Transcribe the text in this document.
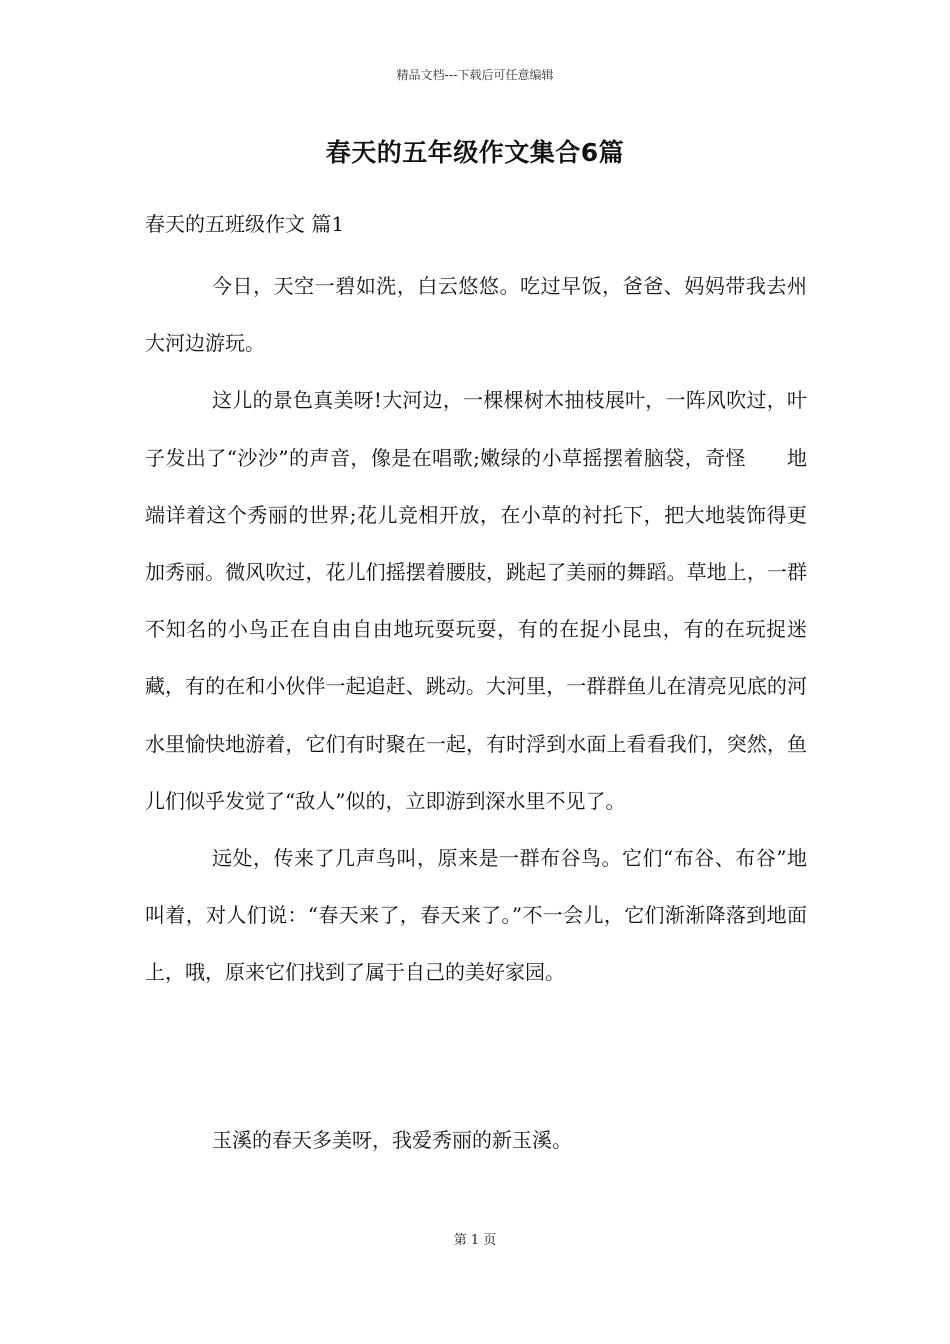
精品文档---下载后可任意编辑
春天的五年级作文集合6篇
春天的五班级作文 篇1

今日，天空一碧如洗，白云悠悠。吃过早饭，爸爸、妈妈带我去州大河边游玩。

这儿的景色真美呀!大河边，一棵棵树木抽枝展叶，一阵风吹过，叶子发出了“沙沙”的声音，像是在唱歌;嫩绿的小草摇摆着脑袋，奇怪　　地端详着这个秀丽的世界;花儿竞相开放，在小草的衬托下，把大地装饰得更加秀丽。微风吹过，花儿们摇摆着腰肢，跳起了美丽的舞蹈。草地上，一群不知名的小鸟正在自由自由地玩耍玩耍，有的在捉小昆虫，有的在玩捉迷藏，有的在和小伙伴一起追赶、跳动。大河里，一群群鱼儿在清亮见底的河水里愉快地游着，它们有时聚在一起，有时浮到水面上看看我们，突然，鱼儿们似乎发觉了“敌人”似的，立即游到深水里不见了。

远处，传来了几声鸟叫，原来是一群布谷鸟。它们“布谷、布谷”地叫着，对人们说：“春天来了，春天来了。”不一会儿，它们渐渐降落到地面上，哦，原来它们找到了属于自己的美好家园。

玉溪的春天多美呀，我爱秀丽的新玉溪。
第 1 页
